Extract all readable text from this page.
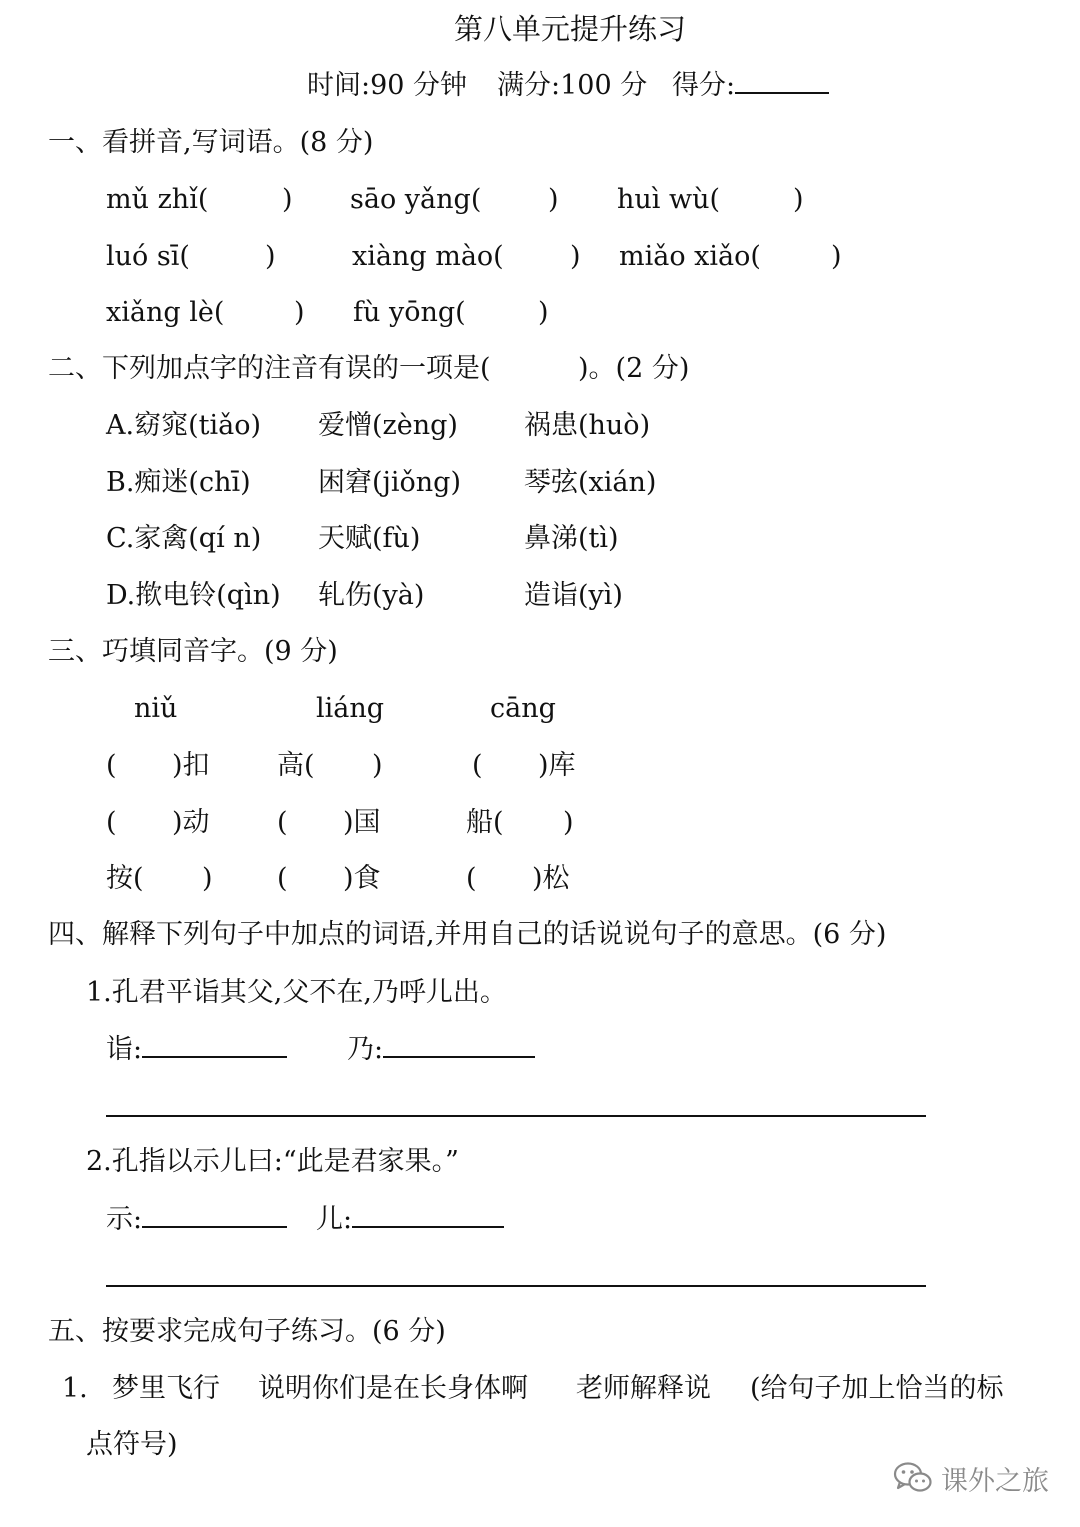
第八单元提升练习
时间:90 分钟 满分:100 分 得分:
一、看拼音,写词语。(8 分)
mǔ zhǐ(	) sāo yǎng( ) huì wù(	)
luó sī(	)	xiàng mào( ) miǎo xiǎo(	)
xiǎng lè(	) fù yōng(	)
二、下列加点字的注音有误的一项是(	)。(2 分)
A.窈窕(tiǎo) 爱憎(zèng) 祸患(huò)
B.痴迷(chī) 困窘(jiǒng) 琴弦(xián)
C.家禽(qí n) 天赋(fù)	鼻涕(tì)
D.揿电铃(qìn) 轧伤(yà)	造诣(yì)
三、巧填同音字。(9 分)
niǔ	liáng	cāng
( )扣 高( )	( )库
( )动 ( )国	船( )
按( ) ( )食	( )松
四、解释下列句子中加点的词语,并用自己的话说说句子的意思。(6 分)
1.孔君平诣其父,父不在,乃呼儿出。
诣:	乃:
2.孔指以示儿曰:“此是君家果。”
示:	儿:
五、按要求完成句子练习。(6 分)
1. 梦里飞行 说明你们是在长身体啊 老师解释说 (给句子加上恰当的标
点符号)
课外之旅
